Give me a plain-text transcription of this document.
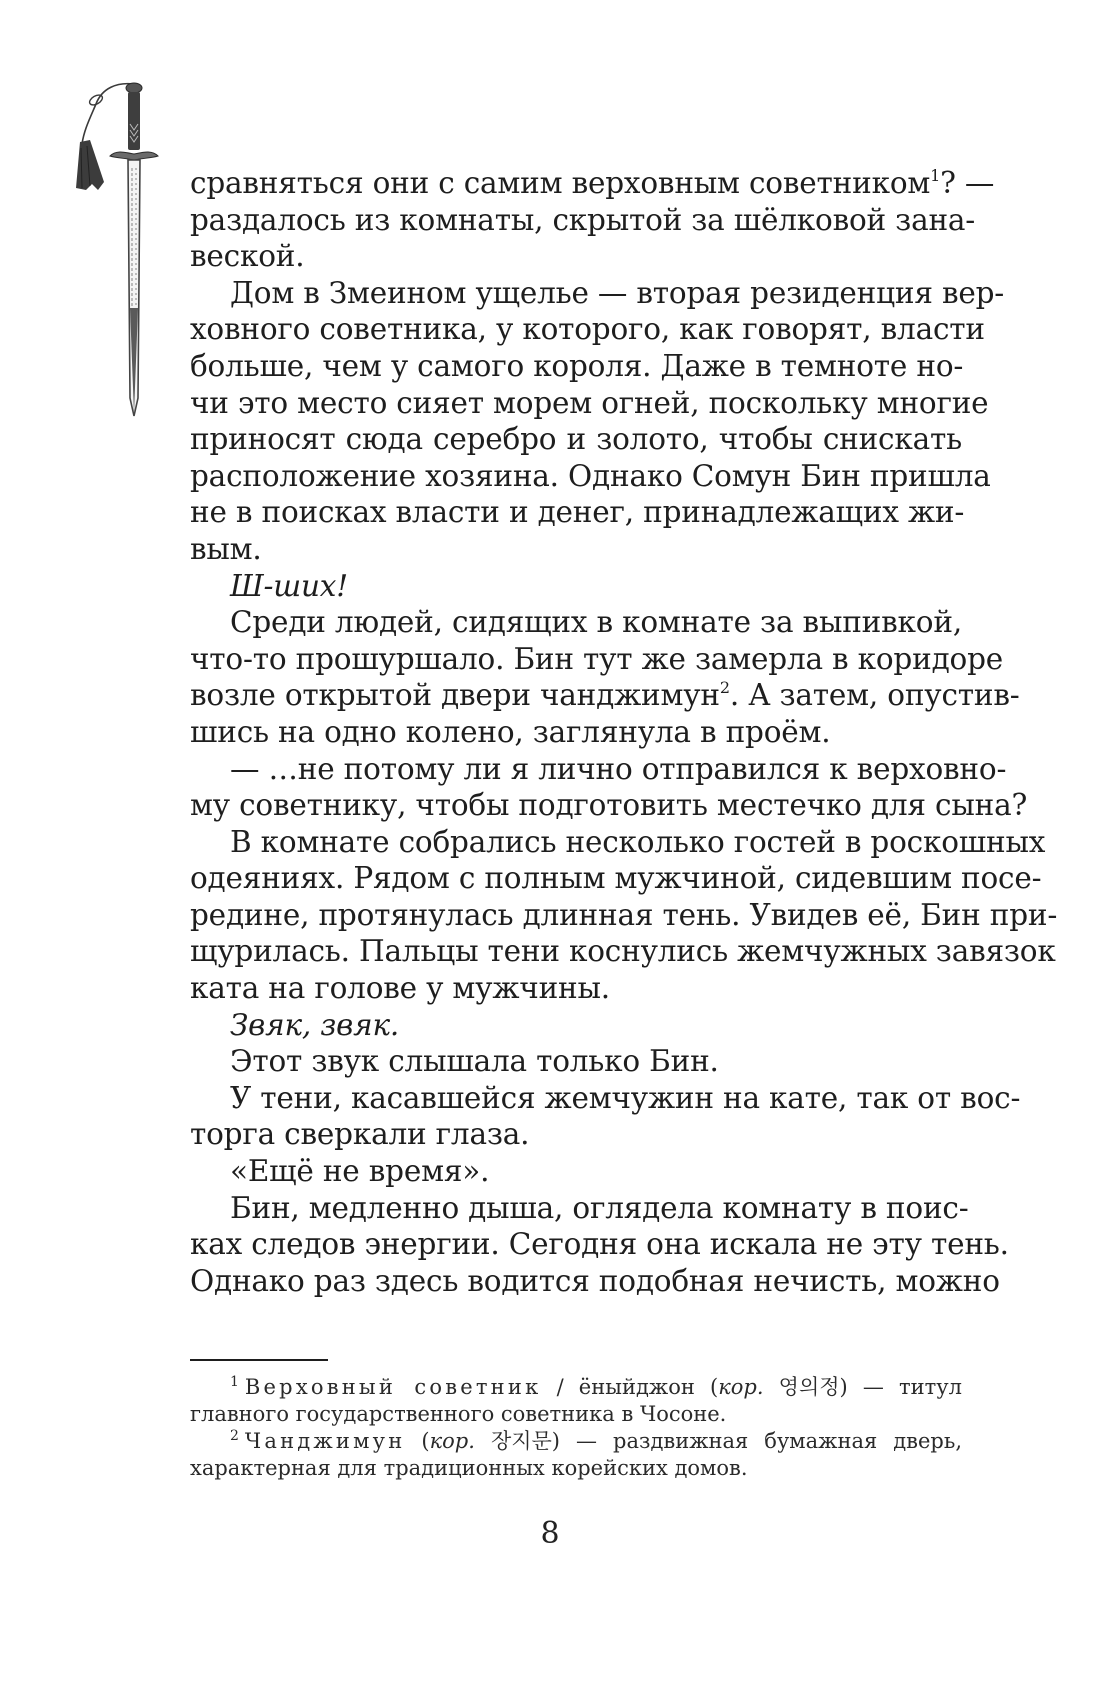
сравняться они с самим верховным советником$^1$? —
раздалось из комнаты, скрытой за шёлковой зана-
веской.
Дом в Змеином ущелье — вторая резиденция вер-
ховного советника, у которого, как говорят, власти
больше, чем у самого короля. Даже в темноте но-
чи это место сияет морем огней, поскольку многие
приносят сюда серебро и золото, чтобы снискать
расположение хозяина. Однако Сомун Бин пришла
не в поисках власти и денег, принадлежащих жи-
вым.
Ш-ших!
Среди людей, сидящих в комнате за выпивкой,
что-то прошуршало. Бин тут же замерла в коридоре
возле открытой двери чанджимун$^2$. А затем, опустив-
шись на одно колено, заглянула в проём.
— …не потому ли я лично отправился к верховно-
му советнику, чтобы подготовить местечко для сына?
В комнате собрались несколько гостей в роскошных
одеяниях. Рядом с полным мужчиной, сидевшим посе-
редине, протянулась длинная тень. Увидев её, Бин при-
щурилась. Пальцы тени коснулись жемчужных завязок
ката на голове у мужчины.
Звяк, звяк.
Этот звук слышала только Бин.
У тени, касавшейся жемчужин на кате, так от вос-
торга сверкали глаза.
«Ещё не время».
Бин, медленно дыша, оглядела комнату в поис-
ках следов энергии. Сегодня она искала не эту тень.
Однако раз здесь водится подобная нечисть, можно
$^1$ Верховный советник / ёныйджон (кор. 영의정) — титул
главного государственного советника в Чосоне.
$^2$ Чанджимун (кор. 장지문) — раздвижная бумажная дверь,
характерная для традиционных корейских домов.
8
